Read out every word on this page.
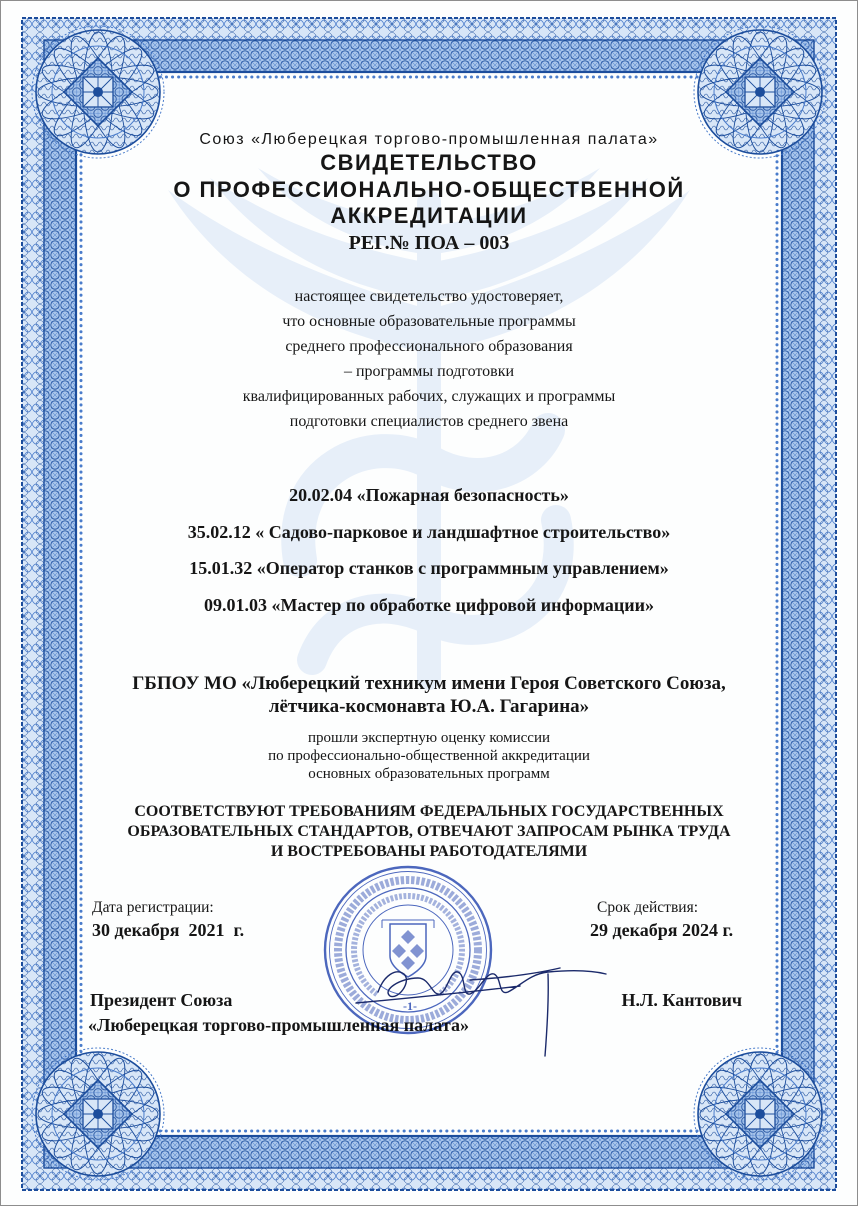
Союз «Люберецкая торгово-промышленная палата»
СВИДЕТЕЛЬСТВО
О ПРОФЕССИОНАЛЬНО-ОБЩЕСТВЕННОЙ
АККРЕДИТАЦИИ
РЕГ.№ ПОА – 003
настоящее свидетельство удостоверяет,
что основные образовательные программы
среднего профессионального образования
– программы подготовки
квалифицированных рабочих, служащих и программы
подготовки специалистов среднего звена
20.02.04 «Пожарная безопасность»
35.02.12 « Садово-парковое и ландшафтное строительство»
15.01.32 «Оператор станков с программным управлением»
09.01.03 «Мастер по обработке цифровой информации»
ГБПОУ МО «Люберецкий техникум имени Героя Советского Союза,
лётчика-космонавта Ю.А. Гагарина»
прошли экспертную оценку комиссии
по профессионально-общественной аккредитации
основных образовательных программ
СООТВЕТСТВУЮТ ТРЕБОВАНИЯМ ФЕДЕРАЛЬНЫХ ГОСУДАРСТВЕННЫХ
ОБРАЗОВАТЕЛЬНЫХ СТАНДАРТОВ, ОТВЕЧАЮТ ЗАПРОСАМ РЫНКА ТРУДА
И ВОСТРЕБОВАНЫ РАБОТОДАТЕЛЯМИ
Дата регистрации:
30 декабря  2021  г.
Срок действия:
29 декабря 2024 г.
Президент Союза
«Люберецкая торгово-промышленная палата»
Н.Л. Кантович
-1-
